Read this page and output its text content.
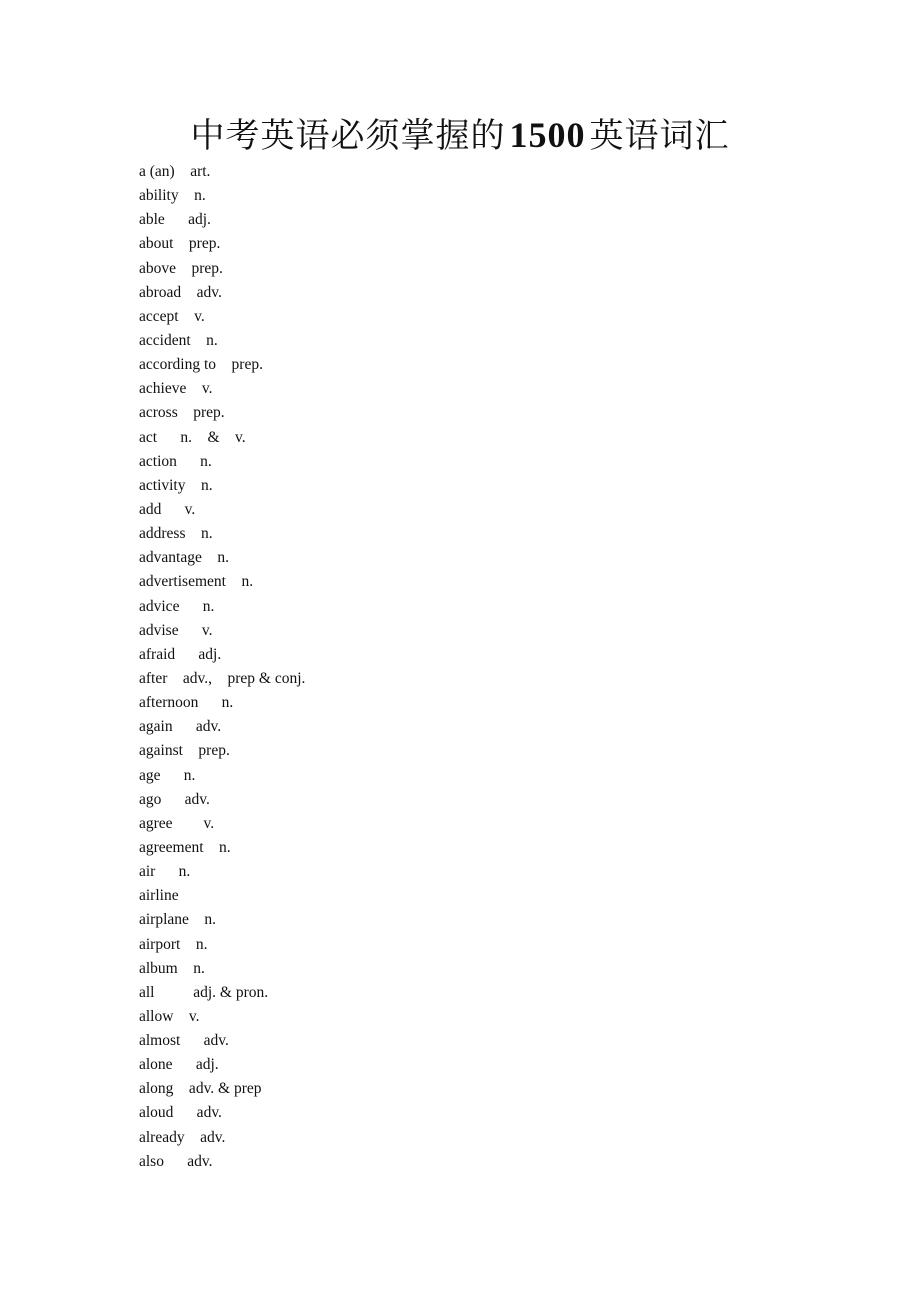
中考英语必须掌握的 1500 英语词汇
a (an)    art.
ability    n.
able      adj.
about    prep.
above    prep.
abroad    adv.
accept    v.
accident    n.
according to    prep.
achieve    v.
across    prep.
act      n.    &    v.
action      n.
activity    n.
add      v.
address    n.
advantage    n.
advertisement    n.
advice      n.
advise      v.
afraid      adj.
after    adv.,    prep & conj.
afternoon      n.
again      adv.
against    prep.
age      n.
ago      adv.
agree        v.
agreement    n.
air      n.
airline
airplane    n.
airport    n.
album    n.
all          adj. & pron.
allow    v.
almost      adv.
alone      adj.
along    adv. & prep
aloud      adv.
already    adv.
also      adv.
